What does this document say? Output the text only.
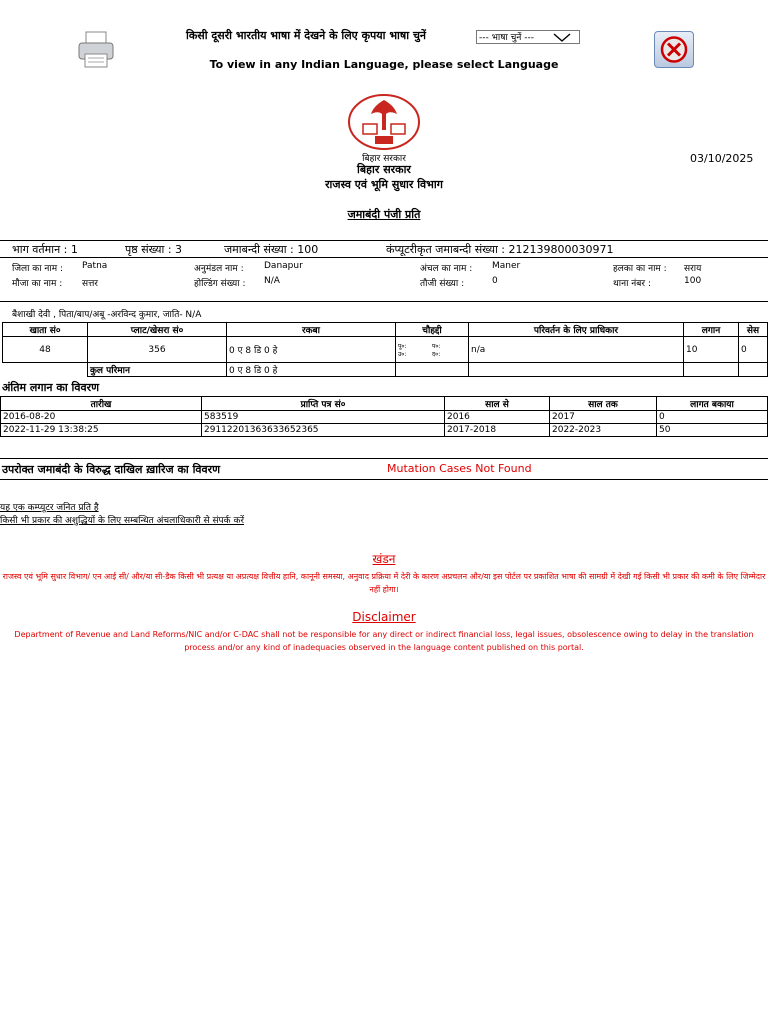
किसी दूसरी भारतीय भाषा में देखने के लिए कृपया भाषा चुनें	--- भाषा चुनें ---
To view in any Indian Language, please select Language
बिहार सरकार	03/10/2025
बिहार सरकार
राजस्व एवं भूमि सुधार विभाग
जमाबंदी पंजी प्रति
भाग वर्तमान : 1	पृष्ठ संख्या : 3	जमाबन्दी संख्या : 100	कंप्यूटरीकृत जमाबन्दी संख्या : 212139800030971
जिला का नाम : Patna	अनुमंडल नाम : Danapur	अंचल का नाम : Maner	हलका का नाम : सराय
मौजा का नाम : सत्तर	होल्डिंग संख्या : N/A	तौजी संख्या :	0	थाना नंबर :	100
बैशाखी देवी , पिता/बाप/अबू -अरविन्द कुमार, जाति- N/A
खाता सं०	प्लाट/खेसरा सं०	रकबा	चौहद्दी	परिवर्तन के लिए प्राधिकार	लगान	सेस
48	356	0 ए 8 डि 0 हे	पू०: प०:
उ०: द०:	n/a	10	0
	कुल परिमान	0 ए 8 डि 0 हे				
अंतिम लगान का विवरण
तारीख	प्राप्ति पत्र सं०	साल से	साल तक	लागत बकाया
2016-08-20	583519	2016	2017	0
2022-11-29 13:38:25	29112201363633652365	2017-2018	2022-2023	50
उपरोक्त जमाबंदी के विरुद्ध दाखिल ख़ारिज का विवरण	Mutation Cases Not Found
यह एक कम्प्यूटर जनित प्रति है
किसी भी प्रकार की अशुद्धियों के लिए सम्बन्धित अंचलाधिकारी से संपर्क करें
खंडन
राजस्व एवं भूमि सुधार विभाग/ एन आई सी/ और/या सी-डैक किसी भी प्रत्यक्ष या अप्रत्यक्ष वित्तीय हानि, कानूनी समस्या, अनुवाद प्रक्रिया में देरी के कारण अप्रचलन और/या इस पोर्टल पर प्रकाशित भाषा की सामग्री में देखी गई किसी भी प्रकार की कमी के लिए जिम्मेदार नहीं होगा।
Disclaimer
Department of Revenue and Land Reforms/NIC and/or C-DAC shall not be responsible for any direct or indirect financial loss, legal issues, obsolescence owing to delay in the translation process and/or any kind of inadequacies observed in the language content published on this portal.
